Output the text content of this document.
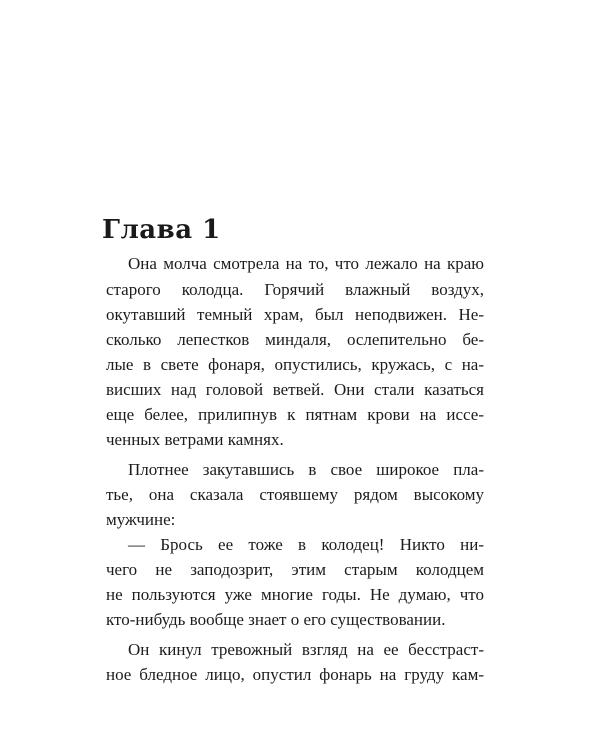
Глава 1

Она молча смотрела на то, что лежало на краю

старого колодца. Горячий влажный воздух,

окутавший темный храм, был неподвижен. Не-

сколько лепестков миндаля, ослепительно бе-

лые в свете фонаря, опустились, кружась, с на-

висших над головой ветвей. Они стали казаться

еще белее, прилипнув к пятнам крови на иссе-

ченных ветрами камнях.

Плотнее закутавшись в свое широкое пла-

тье, она сказала стоявшему рядом высокому

мужчине:

— Брось ее тоже в колодец! Никто ни-

чего не заподозрит, этим старым колодцем

не пользуются уже многие годы. Не думаю, что

кто-нибудь вообще знает о его существовании.

Он кинул тревожный взгляд на ее бесстраст-

ное бледное лицо, опустил фонарь на груду кам-
